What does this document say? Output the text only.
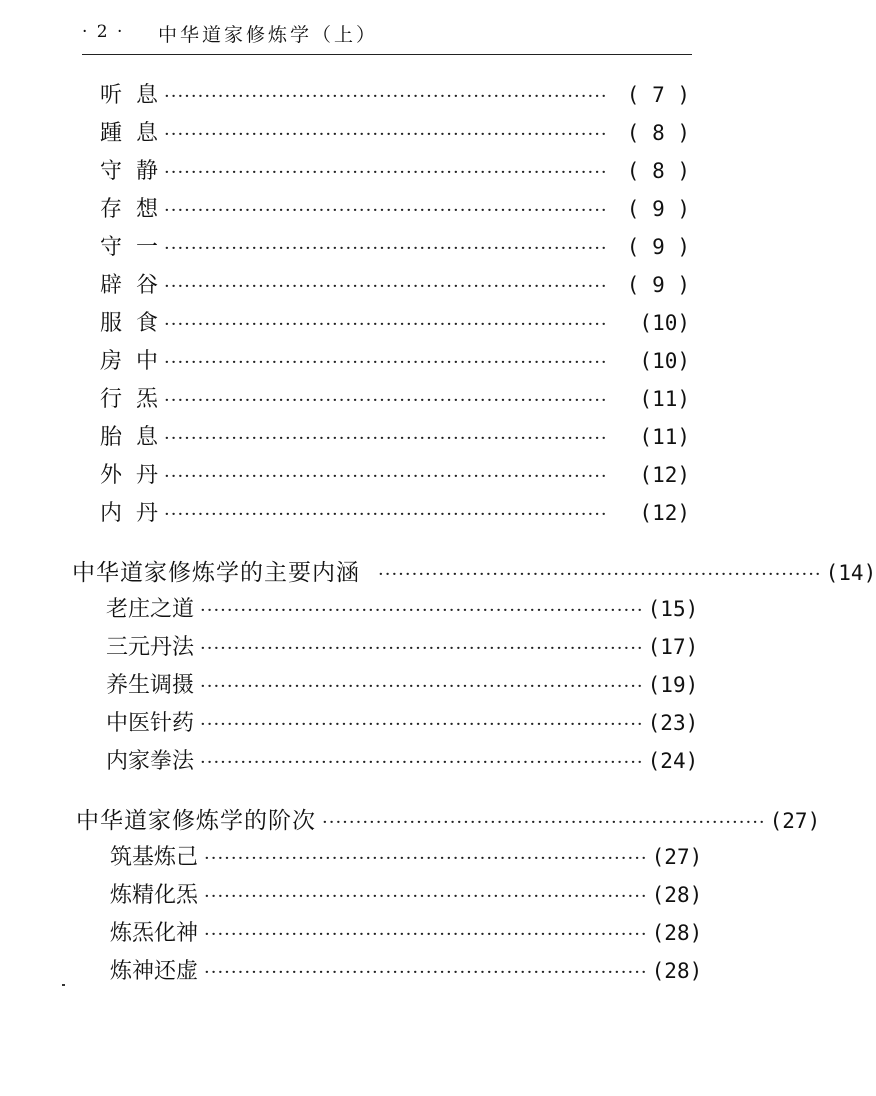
· 2 · 中华道家修炼学（上）
听  息 ·································································· ( 7 )
踵  息 ·································································· ( 8 )
守  静 ·································································· ( 8 )
存  想 ·································································· ( 9 )
守  一 ·································································· ( 9 )
辟  谷 ·································································· ( 9 )
服  食 ··································································	(10)
房  中 ··································································	(10)
行  炁 ··································································	(11)
胎  息 ··································································	(11)
外  丹 ··································································	(12)
内  丹 ··································································	(12)
中华道家修炼学的主要内涵 ·································································· (14)
老庄之道 ·································································· (15)
三元丹法 ·································································· (17)
养生调摄 ·································································· (19)
中医针药 ·································································· (23)
内家拳法 ·································································· (24)
中华道家修炼学的阶次 ·································································· (27)
筑基炼己 ·································································· (27)
炼精化炁 ·································································· (28)
炼炁化神 ·································································· (28)
炼神还虚 ·································································· (28)
